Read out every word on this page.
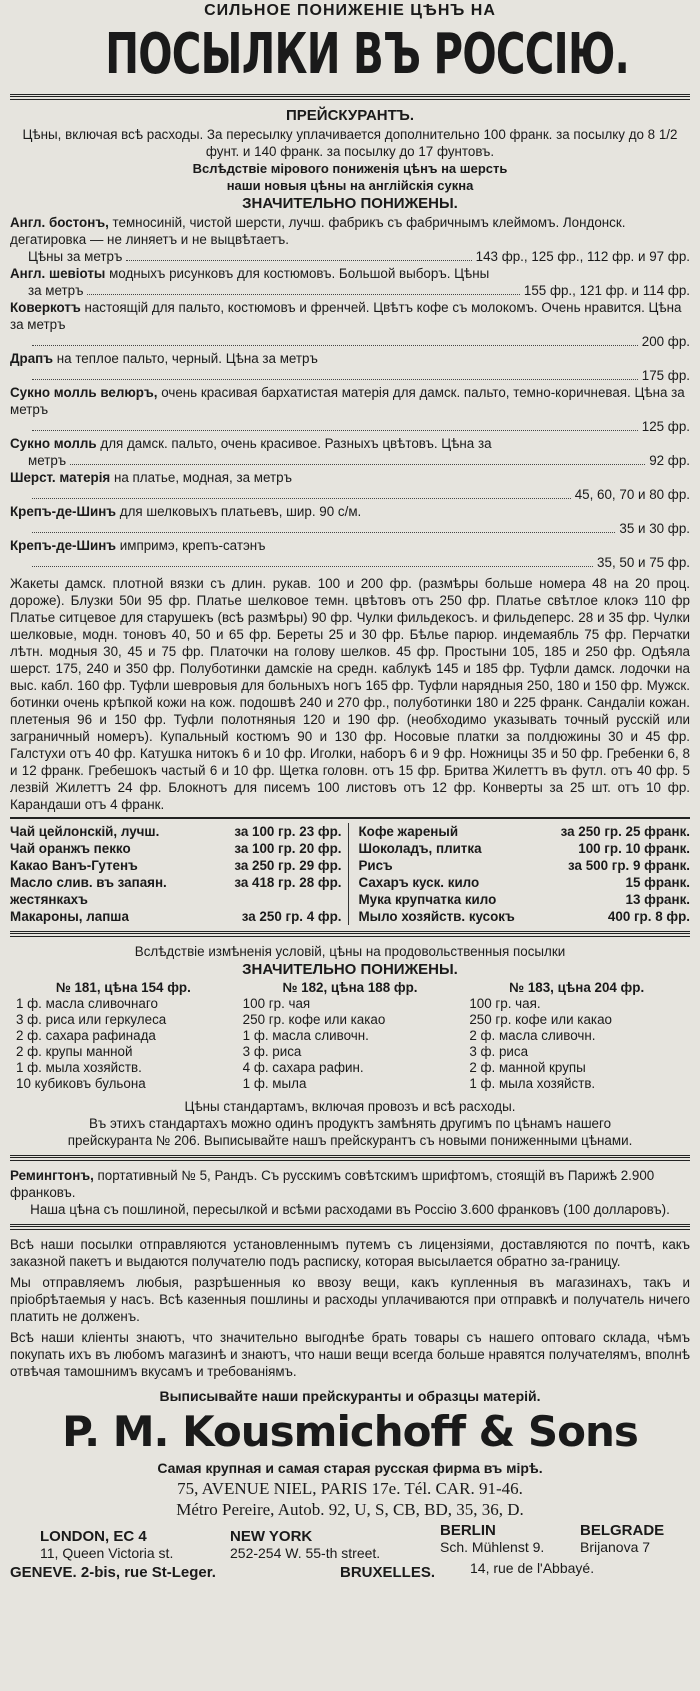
СИЛЬНОЕ ПОНИЖЕНIЕ ЦѢНЪ НА
ПОСЫЛКИ ВЪ РОССIЮ.
ПРЕЙСКУРАНТЪ.
Цѣны, включая всѣ расходы. За пересылку уплачивается дополнительно 100 франк. за посылку до 8 1/2 фунт. и 140 франк. за посылку до 17 фунтовъ.
Вслѣдствiе мiрового пониженiя цѣнъ на шерсть
наши новыя цѣны на англiйскiя сукна
ЗНАЧИТЕЛЬНО ПОНИЖЕНЫ.
Англ. бостонъ, темносинiй, чистой шерсти, лучш. фабрикъ съ фабричнымъ клеймомъ. Лондонск. дегатировка — не линяетъ и не выцвѣтаетъ.
Цѣны за метръ	143 фр., 125 фр., 112 фр. и 97 фр.
Англ. шевiоты модныхъ рисунковъ для костюмовъ. Большой выборъ. Цѣны
за метръ	155 фр., 121 фр. и 114 фр.
Коверкотъ настоящiй для пальто, костюмовъ и френчей. Цвѣтъ кофе съ молокомъ. Очень нравится. Цѣна за метръ
200 фр.
Драпъ на теплое пальто, черный. Цѣна за метръ
175 фр.
Сукно молль велюръ, очень красивая бархатистая матерiя для дамск. пальто, темно-коричневая. Цѣна за метръ
125 фр.
Сукно молль для дамск. пальто, очень красивое. Разныхъ цвѣтовъ. Цѣна за
метръ	92 фр.
Шерст. матерiя на платье, модная, за метръ
45, 60, 70 и 80 фр.
Крепъ-де-Шинъ для шелковыхъ платьевъ, шир. 90 с/м.
35 и 30 фр.
Крепъ-де-Шинъ импримэ, крепъ-сатэнъ
35, 50 и 75 фр.
Жакеты дамск. плотной вязки съ длин. рукав. 100 и 200 фр. (размѣры больше номера 48 на 20 проц. дороже). Блузки 50и 95 фр. Платье шелковое темн. цвѣтовъ отъ 250 фр. Платье свѣтлое клокэ 110 фр Платье ситцевое для старушекъ (всѣ размѣры) 90 фр. Чулки фильдекосъ. и фильдеперс. 28 и 35 фр. Чулки шелковые, модн. тоновъ 40, 50 и 65 фр. Береты 25 и 30 фр. Бѣлье парюр. индемаябль 75 фр. Перчатки лѣтн. модныя 30, 45 и 75 фр. Платочки на голову шелков. 45 фр. Простыни 105, 185 и 250 фр. Одѣяла шерст. 175, 240 и 350 фр. Полуботинки дамскiе на средн. каблукѣ 145 и 185 фр. Туфли дамск. лодочки на выс. кабл. 160 фр. Туфли шевровыя для больныхъ ногъ 165 фр. Туфли нарядныя 250, 180 и 150 фр. Мужск. ботинки очень крѣпкой кожи на кож. подошвѣ 240 и 270 фр., полуботинки 180 и 225 франк. Сандалiи кожан. плетеныя 96 и 150 фр. Туфли полотняныя 120 и 190 фр. (необходимо указывать точный русскiй или заграничный номеръ). Купальный костюмъ 90 и 130 фр. Носовые платки за полдюжины 30 и 45 фр. Галстухи отъ 40 фр. Катушка нитокъ 6 и 10 фр. Иголки, наборъ 6 и 9 фр. Ножницы 35 и 50 фр. Гребенки 6, 8 и 12 франк. Гребешокъ частый 6 и 10 фр. Щетка головн. отъ 15 фр. Бритва Жилеттъ въ футл. отъ 40 фр. 5 лезвiй Жилеттъ 24 фр. Блокнотъ для писемъ 100 листовъ отъ 12 фр. Конверты за 25 шт. отъ 10 фр. Карандаши отъ 4 франк.
Чай цейлонскiй, лучш.	за 100 гр. 23 фр.
Чай оранжъ пекко	за 100 гр. 20 фр.
Какао Ванъ-Гутенъ	за 250 гр. 29 фр.
Масло слив. въ запаян. жестянкахъ
за 418 гр. 28 фр.
Макароны, лапша	за 250 гр. 4 фр.
Кофе жареный	за 250 гр. 25 франк.
Шоколадъ, плитка	100 гр. 10 франк.
Рисъ	за 500 гр. 9 франк.
Сахаръ куск. кило	15 франк.
Мука крупчатка кило	13 франк.
Мыло хозяйств. кусокъ	400 гр. 8 фр.
Вслѣдствiе измѣненiя условiй, цѣны на продовольственныя посылки
ЗНАЧИТЕЛЬНО ПОНИЖЕНЫ.
№ 181, цѣна 154 фр.
1 ф. масла сливочнаго
3 ф. риса или геркулеса
2 ф. сахара рафинада
2 ф. крупы манной
1 ф. мыла хозяйств.
10 кубиковъ бульона
№ 182, цѣна 188 фр.
100 гр. чая
250 гр. кофе или какао
1 ф. масла сливочн.
3 ф. риса
4 ф. сахара рафин.
1 ф. мыла
№ 183, цѣна 204 фр.
100 гр. чая.
250 гр. кофе или какао
2 ф. масла сливочн.
3 ф. риса
2 ф. манной крупы
1 ф. мыла хозяйств.
Цѣны стандартамъ, включая провозъ и всѣ расходы.
Въ этихъ стандартахъ можно одинъ продуктъ замѣнять другимъ по цѣнамъ нашего прейскуранта № 206. Выписывайте нашъ прейскурантъ съ новыми пониженными цѣнами.
Ремингтонъ, портативный № 5, Рандъ. Съ русскимъ совѣтскимъ шрифтомъ, стоящiй въ Парижѣ 2.900 франковъ.
Наша цѣна съ пошлиной, пересылкой и всѣми расходами въ Россiю 3.600 франковъ (100 долларовъ).
Всѣ наши посылки отправляются установленнымъ путемъ съ лицензiями, доставляются по почтѣ, какъ заказной пакетъ и выдаются получателю подъ расписку, которая высылается обратно за-границу.
Мы отправляемъ любыя, разрѣшенныя ко ввозу вещи, какъ купленныя въ магазинахъ, такъ и прiобрѣтаемыя у насъ. Всѣ казенныя пошлины и расходы уплачиваются при отправкѣ и получатель ничего платить не долженъ.
Всѣ наши клiенты знаютъ, что значительно выгоднѣе брать товары съ нашего оптоваго склада, чѣмъ покупать ихъ въ любомъ магазинѣ и знаютъ, что наши вещи всегда больше нравятся получателямъ, вполнѣ отвѣчая тамошнимъ вкусамъ и требованiямъ.
Выписывайте наши прейскуранты и образцы матерiй.
P. M. Kousmichoff & Sons
Самая крупная и самая старая русская фирма въ мiрѣ.
75, AVENUE NIEL, PARIS 17e. Tél. CAR. 91-46.
Métro Pereire, Autob. 92, U, S, CB, BD, 35, 36, D.
LONDON, EC 4
11, Queen Victoria st.
NEW YORK
252-254 W. 55-th street.
BERLIN
Sch. Mühlenst 9.
BELGRADE
Brijanova 7
GENEVE. 2-bis, rue St-Leger.	BRUXELLES. 14, rue de l'Abbayé.
